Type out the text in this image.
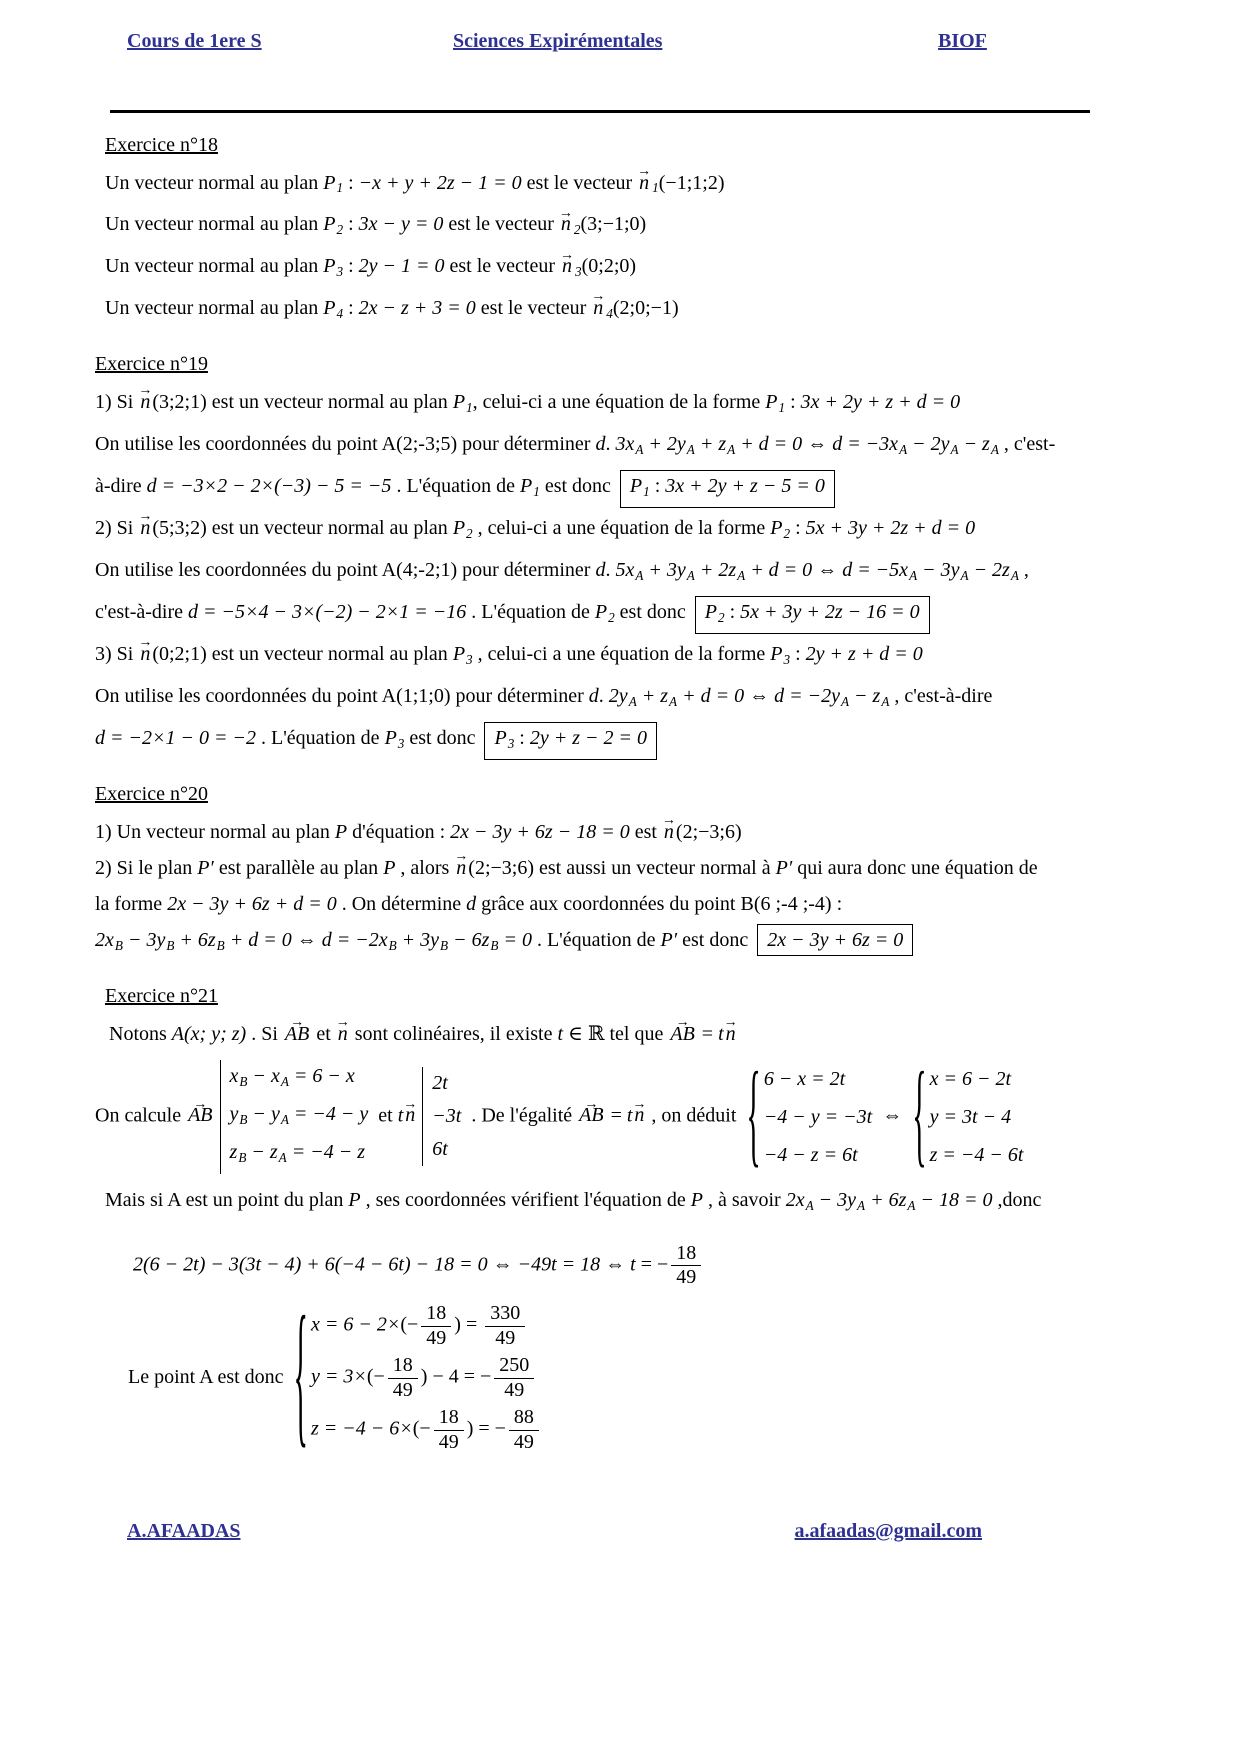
Cours de 1ere S	Sciences Expirémentales	BIOF
Exercice n°18
Un vecteur normal au plan P1 : −x + y + 2z − 1 = 0 est le vecteur n → 1(−1;1;2)
Un vecteur normal au plan P2 : 3x − y = 0 est le vecteur n → 2(3;−1;0)
Un vecteur normal au plan P3 : 2y − 1 = 0 est le vecteur n → 3(0;2;0)
Un vecteur normal au plan P4 : 2x − z + 3 = 0 est le vecteur n → 4(2;0;−1)
Exercice n°19
1) Si n → (3;2;1) est un vecteur normal au plan P1, celui-ci a une équation de la forme P1 : 3x + 2y + z + d = 0
On utilise les coordonnées du point A(2;-3;5) pour déterminer d. 3xA + 2yA + zA + d = 0 ⇔ d = −3xA − 2yA − zA , c'est-
à-dire d = −3×2 − 2×(−3) − 5 = −5 . L'équation de P1 est donc P1 : 3x + 2y + z − 5 = 0
2) Si n → (5;3;2) est un vecteur normal au plan P2 , celui-ci a une équation de la forme P2 : 5x + 3y + 2z + d = 0
On utilise les coordonnées du point A(4;-2;1) pour déterminer d. 5xA + 3yA + 2zA + d = 0 ⇔ d = −5xA − 3yA − 2zA ,
c'est-à-dire d = −5×4 − 3×(−2) − 2×1 = −16 . L'équation de P2 est donc P2 : 5x + 3y + 2z − 16 = 0
3) Si n → (0;2;1) est un vecteur normal au plan P3 , celui-ci a une équation de la forme P3 : 2y + z + d = 0
On utilise les coordonnées du point A(1;1;0) pour déterminer d. 2yA + zA + d = 0 ⇔ d = −2yA − zA , c'est-à-dire
d = −2×1 − 0 = −2 . L'équation de P3 est donc P3 : 2y + z − 2 = 0
Exercice n°20
1) Un vecteur normal au plan P d'équation : 2x − 3y + 6z − 18 = 0 est n → (2;−3;6)
2) Si le plan P′ est parallèle au plan P , alors n → (2;−3;6) est aussi un vecteur normal à P′ qui aura donc une équation de
la forme 2x − 3y + 6z + d = 0 . On détermine d grâce aux coordonnées du point B(6 ;-4 ;-4) :
2xB − 3yB + 6zB + d = 0 ⇔ d = −2xB + 3yB − 6zB = 0 . L'équation de P′ est donc 2x − 3y + 6z = 0
Exercice n°21
Notons A(x; y; z) . Si AB → et n → sont colinéaires, il existe t ∈ ℝ tel que AB → = t n →
On calcule AB →
xB − xA = 6 − x
yB − yA = −4 − y
zB − zA = −4 − z
et t n →
2t
−3t
6t
. De l'égalité AB → = t n → , on déduit { 6 − x = 2t
−4 − y = −3t
−4 − z = 6t
⇔ { x = 6 − 2t
y = 3t − 4
z = −4 − 6t
Mais si A est un point du plan P , ses coordonnées vérifient l'équation de P , à savoir 2xA − 3yA + 6zA − 18 = 0 ,donc
2(6 − 2t) − 3(3t − 4) + 6(−4 − 6t) − 18 = 0 ⇔ −49t = 18 ⇔ t = − $\frac{18}{49}$
Le point A est donc { $x = 6 - 2\times(- \frac{18}{49}$ ) = $\frac{330}{49}$
$y = 3\times(- \frac{18}{49}$ ) − 4 = − $\frac{250}{49}$
$z = -4 - 6\times(- \frac{18}{49}$ ) = − $\frac{88}{49}$
A.AFAADAS	a.afaadas@gmail.com
